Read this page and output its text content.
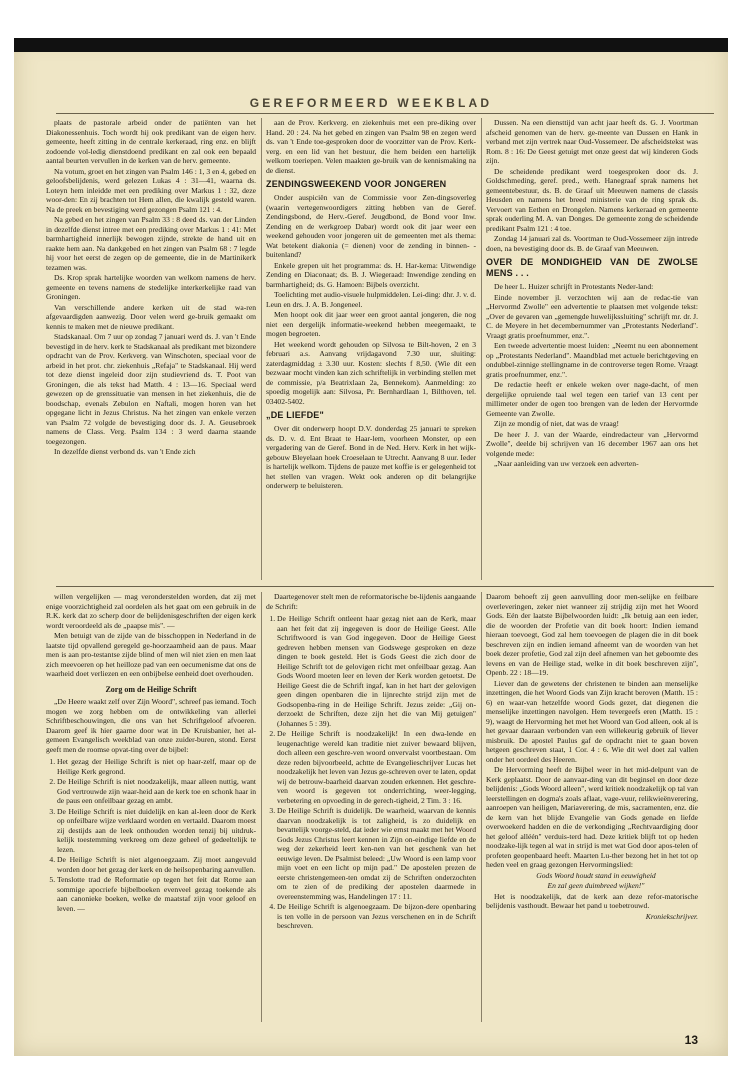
GEREFORMEERD WEEKBLAD

plaats de pastorale arbeid onder de patiënten van het Diakonessenhuis. Toch wordt hij ook predikant van de eigen herv. gemeente, heeft zitting in de centrale kerkeraad, ring enz. en blijft zodoende vol-ledig dienstdoend predikant en zal ook een bepaald aantal beurten vervullen in de kerken van de herv. gemeente.

Na votum, groet en het zingen van Psalm 146 : 1, 3 en 4, gebed en geloofsbelijdenis, werd gelezen Lukas 4 : 31—41, waarna ds. Loteyn hem inleidde met een prediking over Markus 1 : 32, deze woor-den: En zij brachten tot Hem allen, die kwalijk gesteld waren. Na de preek en bevestiging werd gezongen Psalm 121 : 4.

Na gebed en het zingen van Psalm 33 : 8 deed ds. van der Linden in dezelfde dienst intree met een prediking over Markus 1 : 41: Met barmhartigheid innerlijk bewogen zijnde, strekte de hand uit en raakte hem aan. Na dankgebed en het zingen van Psalm 68 : 7 legde hij voor het eerst de zegen op de gemeente, die in de Martinikerk tezamen was.

Ds. Krop sprak hartelijke woorden van welkom namens de herv. gemeente en tevens namens de stedelijke interkerkelijke raad van Groningen.

Van verschillende andere kerken uit de stad wa-ren afgevaardigden aanwezig. Door velen werd ge-bruik gemaakt om kennis te maken met de nieuwe predikant.

Stadskanaal. Om 7 uur op zondag 7 januari werd ds. J. van 't Ende bevestigd in de herv. kerk te Stadskanaal als predikant met bizondere opdracht van de Prov. Kerkverg. van Winschoten, speciaal voor de arbeid in het prot. chr. ziekenhuis „Refaja" te Stadskanaal. Hij werd tot deze dienst ingeleid door zijn studievriend ds. T. Poot van Groningen, die als tekst had Matth. 4 : 13—16. Speciaal werd gewezen op de grenssituatie van mensen in het ziekenhuis, die de boodschap, evenals Zebulon en Naftali, mogen horen van het opgegane licht in Jezus Christus. Na het zingen van enkele verzen van Psalm 72 volgde de bevestiging door ds. J. A. Geusebroek namens de Class. Verg. Psalm 134 : 3 werd daarna staande toegezongen.

In dezelfde dienst verbond ds. van 't Ende zich

aan de Prov. Kerkverg. en ziekenhuis met een pre-diking over Hand. 20 : 24. Na het gebed en zingen van Psalm 98 en zegen werd ds. van 't Ende toe-gesproken door de voorzitter van de Prov. Kerk-verg. en een lid van het bestuur, die hem beiden een hartelijk welkom toeriepen. Velen maakten ge-bruik van de kennismaking na de dienst.

ZENDINGSWEEKEND VOOR JONGEREN

Onder auspiciën van de Commissie voor Zen-dingsoverleg (waarin vertegenwoordigers zitting hebben van de Geref. Zendingsbond, de Herv.-Geref. Jeugdbond, de Bond voor Inw. Zending en de werkgroep Dabar) wordt ook dit jaar weer een weekend gehouden voor jongeren uit de gemeenten met als thema: Wat betekent diakonia (= dienen) voor de zending in binnen- - buitenland?

Enkele grepen uit het programma: ds. H. Har-kema: Uitwendige Zending en Diaconaat; ds. B. J. Wiegeraad: Inwendige zending en barmhartigheid; ds. G. Hamoen: Bijbels overzicht.

Toelichting met audio-visuele hulpmiddelen. Lei-ding: dhr. J. v. d. Leun en drs. J. A. B. Jongeneel.

Men hoopt ook dit jaar weer een groot aantal jongeren, die nog niet een dergelijk informatie-weekend hebben meegemaakt, te mogen begroeten.

Het weekend wordt gehouden op Silvosa te Bilt-hoven, 2 en 3 februari a.s. Aanvang vrijdagavond 7.30 uur, sluiting: zaterdagmiddag ± 3.30 uur. Kosten: slechts f 8,50. (Wie dit een bezwaar mocht vinden kan zich schriftelijk in verbinding stellen met de commissie, p/a Beatrixlaan 2a, Bennekom). Aanmelding: zo spoedig mogelijk aan: Silvosa, Pr. Bernhardlaan 1, Bilthoven, tel. 03402-5402.

„DE LIEFDE"

Over dit onderwerp hoopt D.V. donderdag 25 januari te spreken ds. D. v. d. Ent Braat te Haar-lem, voorheen Monster, op een vergadering van de Geref. Bond in de Ned. Herv. Kerk in het wijk-gebouw Bleyelaan hoek Croeselaan te Utrecht. Aanvang 8 uur. Ieder is hartelijk welkom. Tijdens de pauze met koffie is er gelegenheid tot het stellen van vragen. Wekt ook anderen op dit belangrijke onderwerp te beluisteren.

Dussen. Na een diensttijd van acht jaar heeft ds. G. J. Voortman afscheid genomen van de herv. ge-meente van Dussen en Hank in verband met zijn vertrek naar Oud-Vossemeer. De afscheidstekst was Rom. 8 : 16: De Geest getuigt met onze geest dat wij kinderen Gods zijn.

De scheidende predikant werd toegesproken door ds. J. Goldschmeding, geref. pred., weth. Hanegraaf sprak namens het gemeentebestuur, ds. B. de Graaf uit Meeuwen namens de classis Heusden en namens het breed ministerie van de ring sprak ds. Vervoert van Eethen en Drongelen. Namens kerkeraad en gemeente sprak ouderling M. A. van Donges. De gemeente zong de scheidende predikant Psalm 121 : 4 toe.

Zondag 14 januari zal ds. Voortman te Oud-Vossemeer zijn intrede doen, na bevestiging door ds. B. de Graaf van Meeuwen.

OVER DE MONDIGHEID VAN DE ZWOLSE MENS . . .

De heer L. Huizer schrijft in Protestants Neder-land:

Einde november jl. verzochten wij aan de redac-tie van „Hervormd Zwolle" een advertentie te plaatsen met volgende tekst: „Over de gevaren van „gemengde huwelijkssluiting" schrijft mr. dr. J. C. de Meyere in het decembernummer van „Protestants Nederland". Vraagt gratis proefnummer, enz.".

Een tweede advertentie moest luiden: „Neemt nu een abonnement op „Protestants Nederland". Maandblad met actuele berichtgeving en ondubbel-zinnige stellingname in de controverse tegen Rome. Vraagt gratis proefnummer, enz.".

De redactie heeft er enkele weken over nage-dacht, of men dergelijke opruiende taal wel tegen een tarief van 13 cent per millimeter onder de ogen too brengen van de leden der Hervormde Gemeente van Zwolle.

Zijn ze mondig of niet, dat was de vraag!

De heer J. J. van der Waarde, eindredacteur van „Hervormd Zwolle", deelde bij schrijven van 16 december 1967 aan ons het volgende mede:

„Naar aanleiding van uw verzoek een adverten-

willen vergelijken — mag veronderstelden worden, dat zij met enige voorzichtigheid zal oordelen als het gaat om een gebruik in de R.K. kerk dat zo scherp door de belijdenisgeschriften der eigen kerk wordt veroordeeld als de „paapse mis". —

Men betuigt van de zijde van de bisschoppen in Nederland in de laatste tijd opvallend geregeld ge-hoorzaamheid aan de paus. Maar men is aan pro-testantse zijde blind of men wil niet zien en men laat zich meevoeren op het heilloze pad van een oecumenisme dat ons de waarheid doet verliezen en een onbijbelse eenheid doet overhouden.

Zorg om de Heilige Schrift

„De Heere waakt zelf over Zijn Woord", schreef pas iemand. Toch mogen we zorg hebben om de ontwikkeling van allerlei Schriftbeschouwingen, die ons van het Schriftgeloof afvoeren. Daarom geef ik hier gaarne door wat in De Kruisbanier, het al-gemeen Evangelisch weekblad van onze zuider-buren, stond. Eerst geeft men de roomse opvat-ting over de bijbel:

1. Het gezag der Heilige Schrift is niet op haar-zelf, maar op de Heilige Kerk gegrond.
2. De Heilige Schrift is niet noodzakelijk, maar alleen nuttig, want God vertrouwde zijn waar-heid aan de kerk toe en schonk haar in de paus een onfeilbaar gezag en ambt.
3. De Heilige Schrift is niet duidelijk en kan al-leen door de Kerk op onfeilbare wijze verklaard worden en vertaald. Daarom moest zij destijds aan de leek onthouden worden tenzij bij uitdruk-kelijk toestemming verkreeg om deze geheel of gedeeltelijk te lezen.
4. De Heilige Schrift is niet algenoegzaam. Zij moet aangevuld worden door het gezag der kerk en de heilsopenbaring aanvullen.
5. Tenslotte trad de Reformatie op tegen het feit dat Rome aan sommige apocriefe bijbelboeken evenveel gezag toekende als aan canonieke boeken, welke de maatstaf zijn voor geloof en leven. —

Daartegenover stelt men de reformatorische be-lijdenis aangaande de Schrift:

1. De Heilige Schrift ontleent haar gezag niet aan de Kerk, maar aan het feit dat zij ingegeven is door de Heilige Geest. Alle Schriftwoord is van God ingegeven. Door de Heilige Geest gedreven hebben mensen van Godswege gesproken en deze dingen te boek gesteld. Het is Gods Geest die zich door de Heilige Schrift tot de gelovigen richt met onfeilbaar gezag. Aan Gods Woord moeten leer en leven der Kerk worden getoetst. De Heilige Geest die de Schrift ingaf, kan in het hart der gelovigen geen dingen openbaren die in lijnrechte strijd zijn met de Godsopenba-ring in de Heilige Schrift. Jezus zeide: „Gij on-derzoekt de Schriften, deze zijn het die van Mij getuigen" (Johannes 5 : 39).
2. De Heilige Schrift is noodzakelijk! In een dwa-lende en leugenachtige wereld kan traditie niet zuiver bewaard blijven, doch alleen een geschre-ven woord onvervalst voortbestaan. Om deze reden bijvoorbeeld, achtte de Evangelieschrijver Lucas het noodzakelijk het leven van Jezus ge-schreven over te laten, opdat wij de betrouw-baarheid daarvan zouden erkennen. Het geschre-ven woord is gegeven tot onderrichting, weer-legging, verbetering en opvoeding in de gerech-tigheid, 2 Tim. 3 : 16.
3. De Heilige Schrift is duidelijk. De waarheid, waarvan de kennis daarvan noodzakelijk is tot zaligheid, is zo duidelijk en bevattelijk voorge-steld, dat ieder wie ernst maakt met het Woord Gods Jezus Christus leert kennen in Zijn on-eindige liefde en de weg der zekerheid leert ken-nen van het geschenk van het eeuwige leven. De Psalmist beleed: „Uw Woord is een lamp voor mijn voet en een licht op mijn pad." De apostelen prezen de eerste christengemeen-ten omdat zij de Schriften onderzochten om te zien of de prediking der apostelen daarmede in overeenstemming was, Handelingen 17 : 11.
4. De Heilige Schrift is algenoegzaam. De bijzon-dere openbaring is ten volle in de persoon van Jezus verschenen en in de Schrift beschreven.

Daarom behoeft zij geen aanvulling door men-selijke en feilbare overleveringen, zeker niet wanneer zij strijdig zijn met het Woord Gods. Eén der laatste Bijbelwoorden luidt: „Ik betuig aan een ieder, die de woorden der Profetie van dit boek hoort: Indien iemand hieraan toevoegt, God zal hem toevoegen de plagen die in dit boek beschreven zijn en indien iemand afneemt van de woorden van het boek dezer profetie, God zal zijn deel afnemen van het geboomte des levens en van de Heilige stad, welke in dit boek beschreven zijn", Openb. 22 : 18—19.

Liever dan de gewetens der christenen te binden aan menselijke inzettingen, die het Woord Gods van Zijn kracht beroven (Matth. 15 : 6) en waar-van hetzelfde woord Gods gezet, dat diegenen die menselijke inzettingen navolgen. Hem tevergeefs eren (Matth. 15 : 9), waagt de Hervorming het met het Woord van God alleen, ook al is het gevaar daaraan verbonden van een willekeurig gebruik of liever misbruik. De apostel Paulus gaf de opdracht niet te gaan boven hetgeen geschreven staat, 1 Cor. 4 : 6. Wie dit wel doet zal vallen onder het oordeel des Heeren.

De Hervorming heeft de Bijbel weer in het mid-delpunt van de Kerk geplaatst. Door de aanvaar-ding van dit beginsel en door deze belijdenis: „Gods Woord alleen", werd kritiek noodzakelijk op tal van leerstellingen en dogma's zoals aflaat, vage-vuur, relikwieënverering, aanroepen van heiligen, Mariaverering, de mis, sacramenten, enz. die de kern van het blijde Evangelie van Gods genade en liefde overwoekerd hadden en die de verkondiging „Rechtvaardiging door het geloof alléén" verduis-terd had. Deze kritiek blijft tot op heden noodzake-lijk tegen al wat in strijd is met wat God door apos-telen of profeten geopenbaard heeft. Maarten Lu-ther bezong het in het tot op heden veel en graag gezongen Hervormingslied:

Gods Woord houdt stand in eeuwigheid

En zal geen duimbreed wijken!"

Het is noodzakelijk, dat de kerk aan deze refor-matorische belijdenis vasthoudt. Bewaar het pand u toebetrouwd.

Kroniekschrijver.

13
